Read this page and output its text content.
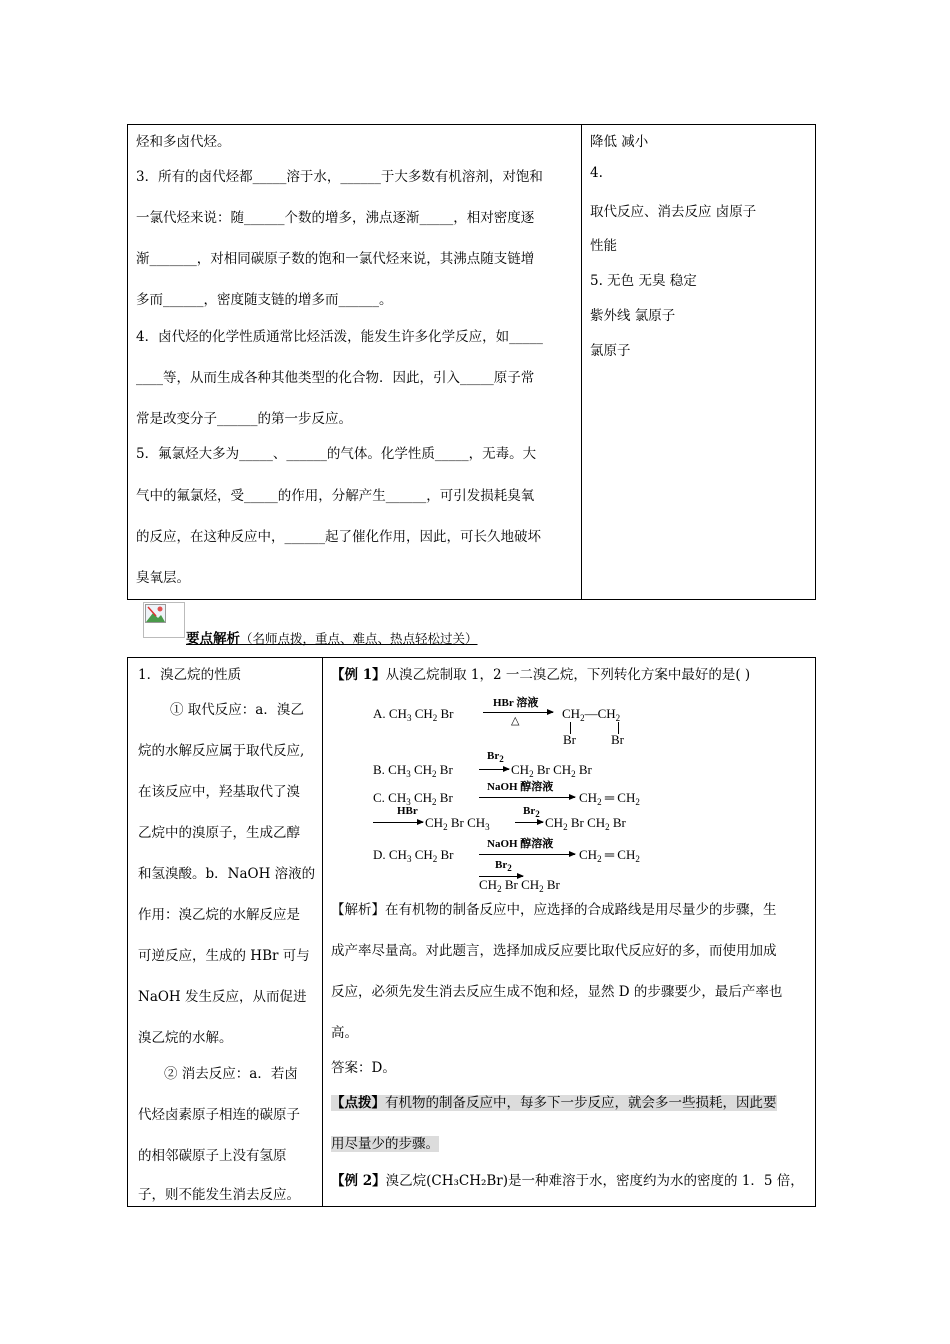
烃和多卤代烃。
3．所有的卤代烃都_____溶于水，______于大多数有机溶剂，对饱和
一氯代烃来说：随______个数的增多，沸点逐渐_____，相对密度逐
渐_______，对相同碳原子数的饱和一氯代烃来说，其沸点随支链增
多而______，密度随支链的增多而______。
4．卤代烃的化学性质通常比烃活泼，能发生许多化学反应，如_____
____等，从而生成各种其他类型的化合物．因此，引入_____原子常
常是改变分子______的第一步反应。
5．氟氯烃大多为_____、______的气体。化学性质_____，无毒。大
气中的氟氯烃，受_____的作用，分解产生______，可引发损耗臭氧
的反应，在这种反应中，______起了催化作用，因此，可长久地破坏
臭氧层。
降低 减小
4.
取代反应、消去反应 卤原子
性能
5. 无色 无臭 稳定
紫外线 氯原子
氯原子
要点解析（名师点拨，重点、难点、热点轻松过关）
1．溴乙烷的性质
① 取代反应：a．溴乙
烷的水解反应属于取代反应,
在该反应中，羟基取代了溴
乙烷中的溴原子，生成乙醇
和氢溴酸。b．NaOH 溶液的
作用：溴乙烷的水解反应是
可逆反应，生成的 HBr 可与
NaOH 发生反应，从而促进
溴乙烷的水解。
② 消去反应：a．若卤
代烃卤素原子相连的碳原子
的相邻碳原子上没有氢原
子，则不能发生消去反应。
【例 1】从溴乙烷制取 1，2 一二溴乙烷，下列转化方案中最好的是( )
A. $CH_3$ $CH_2$ Br
HBr 溶液
△	$CH_2—CH_2$
Br	Br
B. $CH_3$ $CH_2$ Br
$Br_2$
→ $CH_2$ Br $CH_2$ Br
C. $CH_3$ $CH_2$ Br
NaOH 醇溶液
$CH_2$ ═ $CH_2$
HBr
→ $CH_2$ Br $CH_3$
$Br_2$
→ $CH_2$ Br $CH_2$ Br
D. $CH_3$ $CH_2$ Br
NaOH 醇溶液
$CH_2$ ═ $CH_2$
$Br_2$
$CH_2$ Br $CH_2$ Br
【解析】在有机物的制备反应中，应选择的合成路线是用尽量少的步骤，生
成产率尽量高。对此题言，选择加成反应要比取代反应好的多，而使用加成
反应，必须先发生消去反应生成不饱和烃，显然 D 的步骤要少，最后产率也
高。
答案：D。
【点拨】有机物的制备反应中，每多下一步反应，就会多一些损耗，因此要
用尽量少的步骤。
【例 2】溴乙烷(CH₃CH₂Br)是一种难溶于水，密度约为水的密度的 1．5 倍，
